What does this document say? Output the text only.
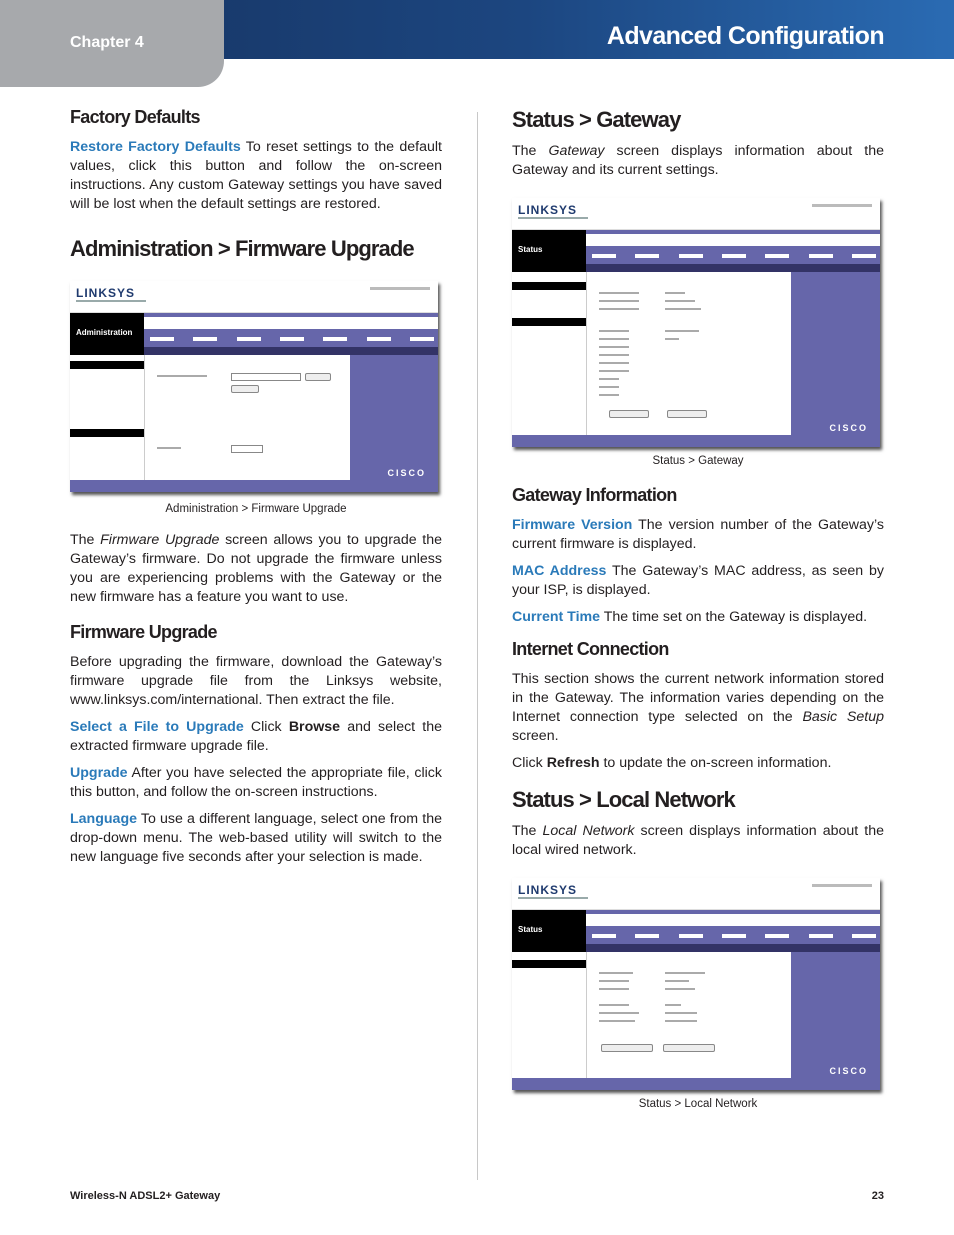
Chapter 4	Advanced Configuration
Factory Defaults

Restore Factory Defaults To reset settings to the default values, click this button and follow the on-screen instructions. Any custom Gateway settings you have saved will be lost when the default settings are restored.

Administration > Firmware Upgrade
LINKSYS
Administration
CISCO
Administration > Firmware Upgrade

The Firmware Upgrade screen allows you to upgrade the Gateway’s firmware. Do not upgrade the firmware unless you are experiencing problems with the Gateway or the new firmware has a feature you want to use.

Firmware Upgrade

Before upgrading the firmware, download the Gateway’s firmware upgrade file from the Linksys website, www.linksys.com/international. Then extract the file.

Select a File to Upgrade Click Browse and select the extracted firmware upgrade file.

Upgrade After you have selected the appropriate file, click this button, and follow the on-screen instructions.

Language To use a different language, select one from the drop-down menu. The web-based utility will switch to the new language five seconds after your selection is made.

Status > Gateway

The Gateway screen displays information about the Gateway and its current settings.

LINKSYS
Status
CISCO
Status > Gateway
Gateway Information

Firmware Version The version number of the Gateway’s current firmware is displayed.

MAC Address The Gateway’s MAC address, as seen by your ISP, is displayed.

Current Time The time set on the Gateway is displayed.

Internet Connection

This section shows the current network information stored in the Gateway. The information varies depending on the Internet connection type selected on the Basic Setup screen.

Click Refresh to update the on-screen information.

Status > Local Network

The Local Network screen displays information about the local wired network.

LINKSYS
Status
CISCO
Status > Local Network
Wireless-N ADSL2+ Gateway	23
